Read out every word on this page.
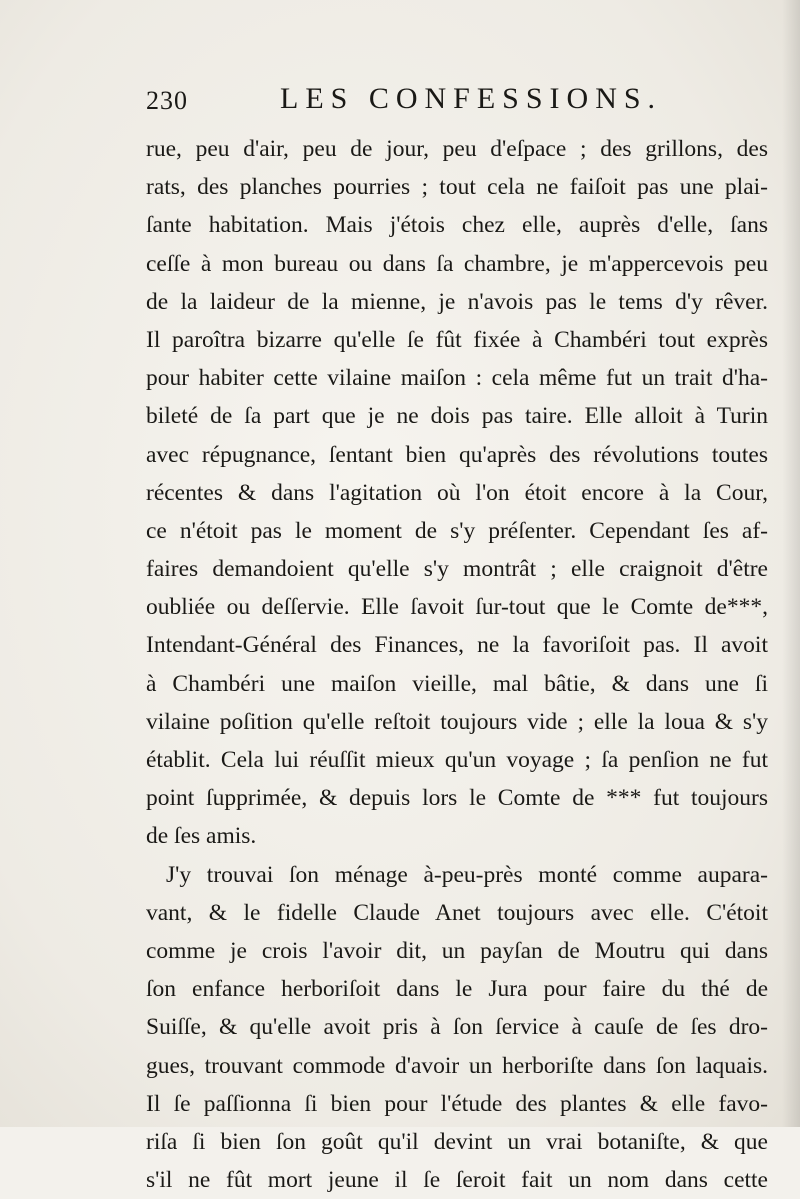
230	LES CONFESSIONS.
rue, peu d'air, peu de jour, peu d'eſpace ; des grillons, des
rats, des planches pourries ; tout cela ne faiſoit pas une plai-
ſante habitation. Mais j'étois chez elle, auprès d'elle, ſans
ceſſe à mon bureau ou dans ſa chambre, je m'appercevois peu
de la laideur de la mienne, je n'avois pas le tems d'y rêver.
Il paroîtra bizarre qu'elle ſe fût fixée à Chambéri tout exprès
pour habiter cette vilaine maiſon : cela même fut un trait d'ha-
bileté de ſa part que je ne dois pas taire. Elle alloit à Turin
avec répugnance, ſentant bien qu'après des révolutions toutes
récentes & dans l'agitation où l'on étoit encore à la Cour,
ce n'étoit pas le moment de s'y préſenter. Cependant ſes af-
faires demandoient qu'elle s'y montrât ; elle craignoit d'être
oubliée ou deſſervie. Elle ſavoit ſur-tout que le Comte de***,
Intendant-Général des Finances, ne la favoriſoit pas. Il avoit
à Chambéri une maiſon vieille, mal bâtie, & dans une ſi
vilaine poſition qu'elle reſtoit toujours vide ; elle la loua & s'y
établit. Cela lui réuſſit mieux qu'un voyage ; ſa penſion ne fut
point ſupprimée, & depuis lors le Comte de *** fut toujours
de ſes amis.
J'y trouvai ſon ménage à-peu-près monté comme aupara-
vant, & le fidelle Claude Anet toujours avec elle. C'étoit
comme je crois l'avoir dit, un payſan de Moutru qui dans
ſon enfance herboriſoit dans le Jura pour faire du thé de
Suiſſe, & qu'elle avoit pris à ſon ſervice à cauſe de ſes dro-
gues, trouvant commode d'avoir un herboriſte dans ſon laquais.
Il ſe paſſionna ſi bien pour l'étude des plantes & elle favo-
riſa ſi bien ſon goût qu'il devint un vrai botaniſte, & que
s'il ne fût mort jeune il ſe ſeroit fait un nom dans cette
